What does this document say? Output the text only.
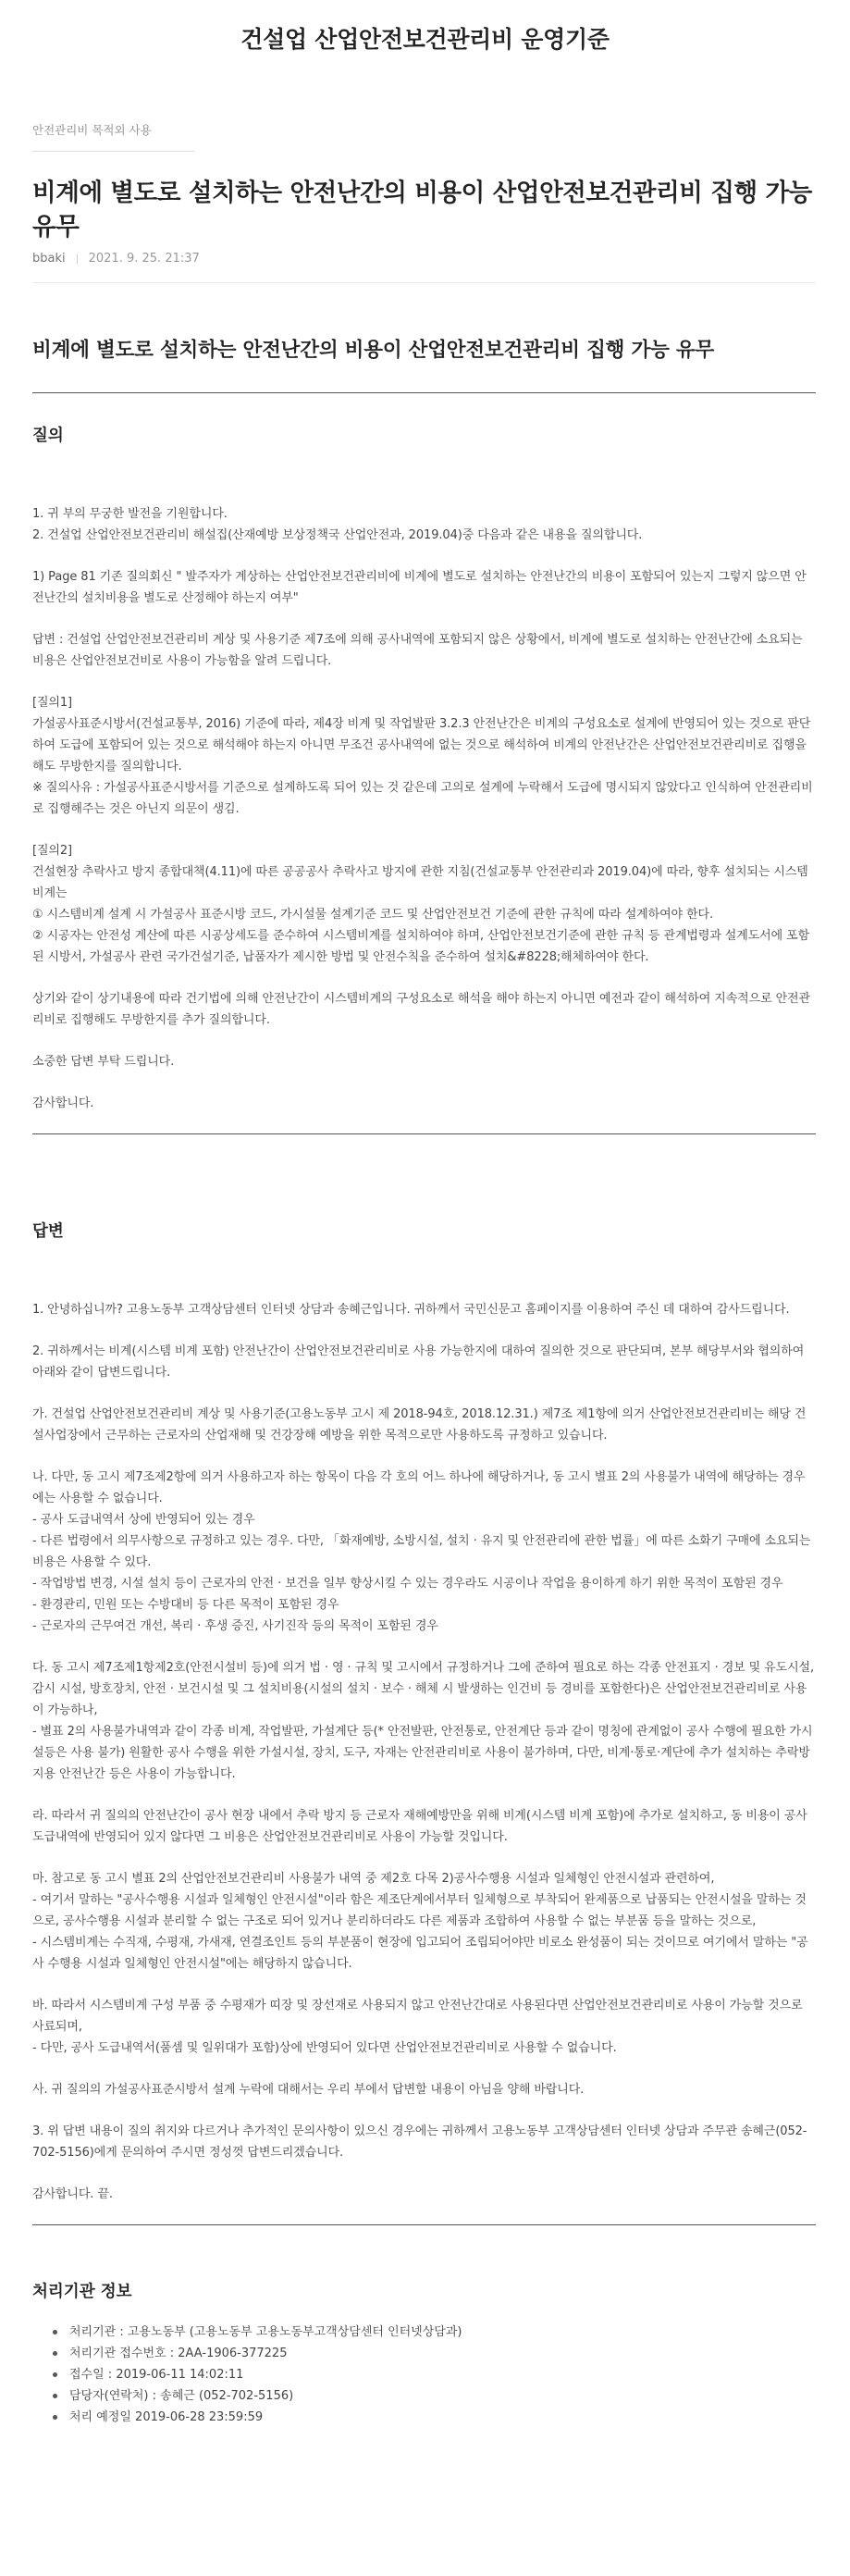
건설업 산업안전보건관리비 운영기준
안전관리비 목적외 사용
비계에 별도로 설치하는 안전난간의 비용이 산업안전보건관리비 집행 가능 유무
bbaki 2021. 9. 25. 21:37
비계에 별도로 설치하는 안전난간의 비용이 산업안전보건관리비 집행 가능 유무
질의
1. 귀 부의 무궁한 발전을 기원합니다.
2. 건설업 산업안전보건관리비 해설집(산재예방 보상정책국 산업안전과, 2019.04)중 다음과 같은 내용을 질의합니다.
1) Page 81 기존 질의회신 " 발주자가 계상하는 산업안전보건관리비에 비계에 별도로 설치하는 안전난간의 비용이 포함되어 있는지 그렇지 않으면 안전난간의 설치비용을 별도로 산정해야 하는지 여부"
답변 : 건설업 산업안전보건관리비 계상 및 사용기준 제7조에 의해 공사내역에 포함되지 않은 상황에서, 비계에 별도로 설치하는 안전난간에 소요되는 비용은 산업안전보건비로 사용이 가능함을 알려 드립니다.
[질의1]
가설공사표준시방서(건설교통부, 2016) 기준에 따라, 제4장 비계 및 작업발판 3.2.3 안전난간은 비계의 구성요소로 설계에 반영되어 있는 것으로 판단하여 도급에 포함되어 있는 것으로 해석해야 하는지 아니면 무조건 공사내역에 없는 것으로 해석하여 비계의 안전난간은 산업안전보건관리비로 집행을 해도 무방한지를 질의합니다.
※ 질의사유 : 가설공사표준시방서를 기준으로 설계하도록 되어 있는 것 같은데 고의로 설계에 누락해서 도급에 명시되지 않았다고 인식하여 안전관리비로 집행해주는 것은 아닌지 의문이 생김.
[질의2]
건설현장 추락사고 방지 종합대책(4.11)에 따른 공공공사 추락사고 방지에 관한 지침(건설교통부 안전관리과 2019.04)에 따라, 향후 설치되는 시스템비계는
① 시스템비계 설계 시 가설공사 표준시방 코드, 가시설물 설계기준 코드 및 산업안전보건 기준에 관한 규칙에 따라 설계하여야 한다.
② 시공자는 안전성 계산에 따른 시공상세도를 준수하여 시스템비계를 설치하여야 하며, 산업안전보건기준에 관한 규칙 등 관계법령과 설계도서에 포함된 시방서, 가설공사 관련 국가건설기준, 납품자가 제시한 방법 및 안전수칙을 준수하여 설치&#8228;해체하여야 한다.
상기와 같이 상기내용에 따라 건기법에 의해 안전난간이 시스템비계의 구성요소로 해석을 해야 하는지 아니면 예전과 같이 해석하여 지속적으로 안전관리비로 집행해도 무방한지를 추가 질의합니다.
소중한 답변 부탁 드립니다.
감사합니다.
답변
1. 안녕하십니까? 고용노동부 고객상담센터 인터넷 상담과 송혜근입니다. 귀하께서 국민신문고 홈페이지를 이용하여 주신 데 대하여 감사드립니다.
2. 귀하께서는 비계(시스템 비계 포함) 안전난간이 산업안전보건관리비로 사용 가능한지에 대하여 질의한 것으로 판단되며, 본부 해당부서와 협의하여 아래와 같이 답변드립니다.
가. 건설업 산업안전보건관리비 계상 및 사용기준(고용노동부 고시 제 2018-94호, 2018.12.31.) 제7조 제1항에 의거 산업안전보건관리비는 해당 건설사업장에서 근무하는 근로자의 산업재해 및 건강장해 예방을 위한 목적으로만 사용하도록 규정하고 있습니다.
나. 다만, 동 고시 제7조제2항에 의거 사용하고자 하는 항목이 다음 각 호의 어느 하나에 해당하거나, 동 고시 별표 2의 사용불가 내역에 해당하는 경우에는 사용할 수 없습니다.
- 공사 도급내역서 상에 반영되어 있는 경우
- 다른 법령에서 의무사항으로 규정하고 있는 경우. 다만, 「화재예방, 소방시설, 설치 · 유지 및 안전관리에 관한 법률」에 따른 소화기 구매에 소요되는 비용은 사용할 수 있다.
- 작업방법 변경, 시설 설치 등이 근로자의 안전 · 보건을 일부 향상시킬 수 있는 경우라도 시공이나 작업을 용이하게 하기 위한 목적이 포함된 경우
- 환경관리, 민원 또는 수방대비 등 다른 목적이 포함된 경우
- 근로자의 근무여건 개선, 복리 · 후생 증진, 사기진작 등의 목적이 포함된 경우
다. 동 고시 제7조제1항제2호(안전시설비 등)에 의거 법 · 영 · 규칙 및 고시에서 규정하거나 그에 준하여 필요로 하는 각종 안전표지 · 경보 및 유도시설, 감시 시설, 방호장치, 안전 · 보건시설 및 그 설치비용(시설의 설치 · 보수 · 해체 시 발생하는 인건비 등 경비를 포함한다)은 산업안전보건관리비로 사용이 가능하나,
- 별표 2의 사용불가내역과 같이 각종 비계, 작업발판, 가설계단 등(* 안전발판, 안전통로, 안전계단 등과 같이 명칭에 관계없이 공사 수행에 필요한 가시 설등은 사용 불가) 원활한 공사 수행을 위한 가설시설, 장치, 도구, 자재는 안전관리비로 사용이 불가하며, 다만, 비계·통로·계단에 추가 설치하는 추락방지용 안전난간 등은 사용이 가능합니다.
라. 따라서 귀 질의의 안전난간이 공사 현장 내에서 추락 방지 등 근로자 재해예방만을 위해 비계(시스템 비계 포함)에 추가로 설치하고, 동 비용이 공사도급내역에 반영되어 있지 않다면 그 비용은 산업안전보건관리비로 사용이 가능할 것입니다.
마. 참고로 동 고시 별표 2의 산업안전보건관리비 사용불가 내역 중 제2호 다목 2)공사수행용 시설과 일체형인 안전시설과 관련하여,
- 여기서 말하는 "공사수행용 시설과 일체형인 안전시설"이라 함은 제조단계에서부터 일체형으로 부착되어 완제품으로 납품되는 안전시설을 말하는 것으로, 공사수행용 시설과 분리할 수 없는 구조로 되어 있거나 분리하더라도 다른 제품과 조합하여 사용할 수 없는 부분품 등을 말하는 것으로,
- 시스템비계는 수직재, 수평재, 가새재, 연결조인트 등의 부분품이 현장에 입고되어 조립되어야만 비로소 완성품이 되는 것이므로 여기에서 말하는 "공사 수행용 시설과 일체형인 안전시설"에는 해당하지 않습니다.
바. 따라서 시스템비계 구성 부품 중 수평재가 띠장 및 장선재로 사용되지 않고 안전난간대로 사용된다면 산업안전보건관리비로 사용이 가능할 것으로 사료되며,
- 다만, 공사 도급내역서(품셈 및 일위대가 포함)상에 반영되어 있다면 산업안전보건관리비로 사용할 수 없습니다.
사. 귀 질의의 가설공사표준시방서 설계 누락에 대해서는 우리 부에서 답변할 내용이 아님을 양해 바랍니다.
3. 위 답변 내용이 질의 취지와 다르거나 추가적인 문의사항이 있으신 경우에는 귀하께서 고용노동부 고객상담센터 인터넷 상담과 주무관 송혜근(052-702-5156)에게 문의하여 주시면 정성껏 답변드리겠습니다.
감사합니다. 끝.
처리기관 정보
처리기관 : 고용노동부 (고용노동부 고용노동부고객상담센터 인터넷상담과)
처리기관 접수번호 : 2AA-1906-377225
접수일 : 2019-06-11 14:02:11
담당자(연락처) : 송혜근 (052-702-5156)
처리 예정일 2019-06-28 23:59:59
